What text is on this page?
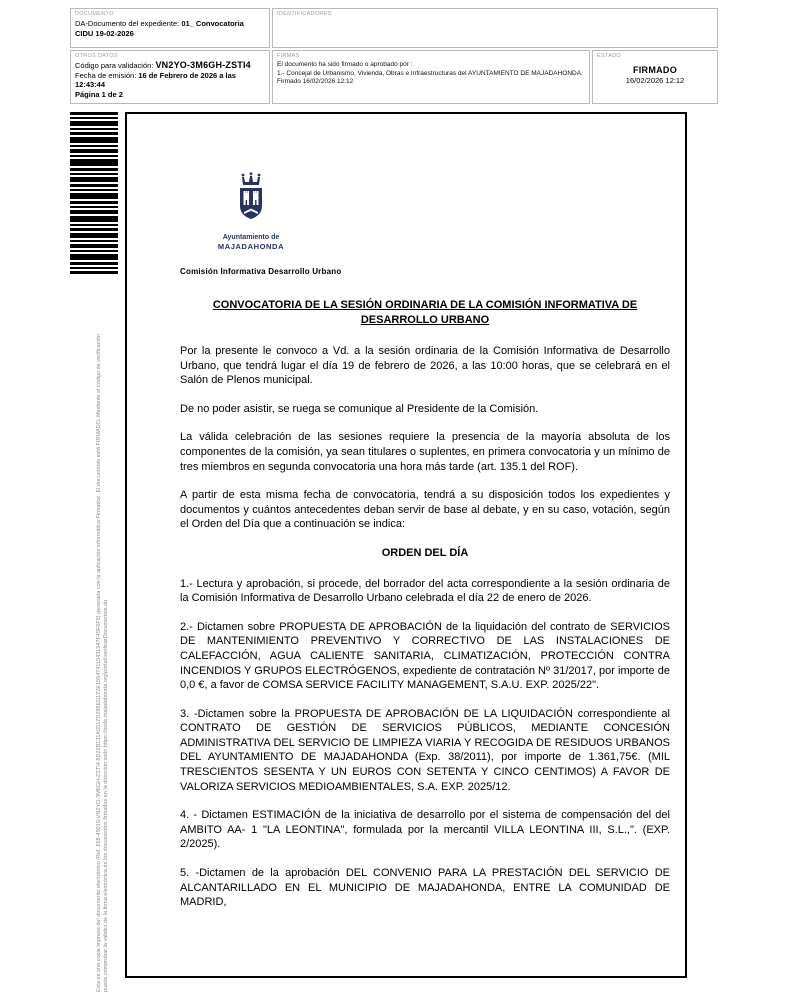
DOCUMENTO
DA-Documento del expediente: 01_ Convocatoria
CIDU 19-02-2026
IDENTIFICADORES
OTROS DATOS
Código para validación: VN2YO-3M6GH-ZSTI4
Fecha de emisión: 16 de Febrero de 2026 a las 12:43:44
Página 1 de 2
FIRMAS
El documento ha sido firmado o aprobado por :
1.- Concejal de Urbanismo, Vivienda, Obras e Infraestructuras del AYUNTAMIENTO DE MAJADAHONDA. Firmado 16/02/2026 12:12
ESTADO
FIRMADO
16/02/2026 12:12
Esta es una copia impresa del documento electrónico (Ref. 558-49010-VN2YO-3M6GH-ZSTI4 8D22B131A5517D288ED172E155474115431547F45F6F9) generada con la aplicación informática Firmadoc. El documento está FIRMADO. Mediante el código de verificación puede comprobar la validez de la firma electrónica de los documentos firmados en la dirección web: https://sede.majadahonda.org/portal/verificarDocumentos.do
Ayuntamiento de
MAJADAHONDA
Comisión Informativa Desarrollo Urbano
CONVOCATORIA DE LA SESIÓN ORDINARIA DE LA COMISIÓN INFORMATIVA DE DESARROLLO URBANO

Por la presente le convoco a Vd. a la sesión ordinaria de la Comisión Informativa de Desarrollo Urbano, que tendrá lugar el día 19 de febrero de 2026, a las 10:00 horas, que se celebrará en el Salón de Plenos municipal.

De no poder asistir, se ruega se comunique al Presidente de la Comisión.

La válida celebración de las sesiones requiere la presencia de la mayoría absoluta de los componentes de la comisión, ya sean titulares o suplentes, en primera convocatoria y un mínimo de tres miembros en segunda convocatoria una hora más tarde (art. 135.1 del ROF).

A partir de esta misma fecha de convocatoria, tendrá a su disposición todos los expedientes y documentos y cuántos antecedentes deban servir de base al debate, y en su caso, votación, según el Orden del Día que a continuación se indica:

ORDEN DEL DÍA

1.- Lectura y aprobación, si procede, del borrador del acta correspondiente a la sesión ordinaria de la Comisión Informativa de Desarrollo Urbano celebrada el día 22 de enero de 2026.

2.- Dictamen sobre PROPUESTA DE APROBACIÓN de la liquidación del contrato de SERVICIOS DE MANTENIMIENTO PREVENTIVO Y CORRECTIVO DE LAS INSTALACIONES DE CALEFACCIÓN, AGUA CALIENTE SANITARIA, CLIMATIZACIÓN, PROTECCIÓN CONTRA INCENDIOS Y GRUPOS ELECTRÓGENOS, expediente de contratación Nº 31/2017, por importe de 0,0 €, a favor de COMSA SERVICE FACILITY MANAGEMENT, S.A.U. EXP. 2025/22".

3. -Dictamen sobre la PROPUESTA DE APROBACIÓN DE LA LIQUIDACIÓN correspondiente al CONTRATO DE GESTIÓN DE SERVICIOS PÚBLICOS, MEDIANTE CONCESIÓN ADMINISTRATIVA DEL SERVICIO DE LIMPIEZA VIARIA Y RECOGIDA DE RESIDUOS URBANOS DEL AYUNTAMIENTO DE MAJADAHONDA (Exp. 38/2011), por importe de 1.361,75€. (MIL TRESCIENTOS SESENTA Y UN EUROS CON SETENTA Y CINCO CENTIMOS) A FAVOR DE VALORIZA SERVICIOS MEDIOAMBIENTALES, S.A. EXP. 2025/12.

4. - Dictamen ESTIMACIÓN de la iniciativa de desarrollo por el sistema de compensación del del AMBITO AA- 1 "LA LEONTINA", formulada por la mercantil VILLA LEONTINA III, S.L.,". (EXP. 2/2025).

5. -Dictamen de la aprobación DEL CONVENIO PARA LA PRESTACIÓN DEL SERVICIO DE ALCANTARILLADO EN EL MUNICIPIO DE MAJADAHONDA, ENTRE LA COMUNIDAD DE MADRID,
